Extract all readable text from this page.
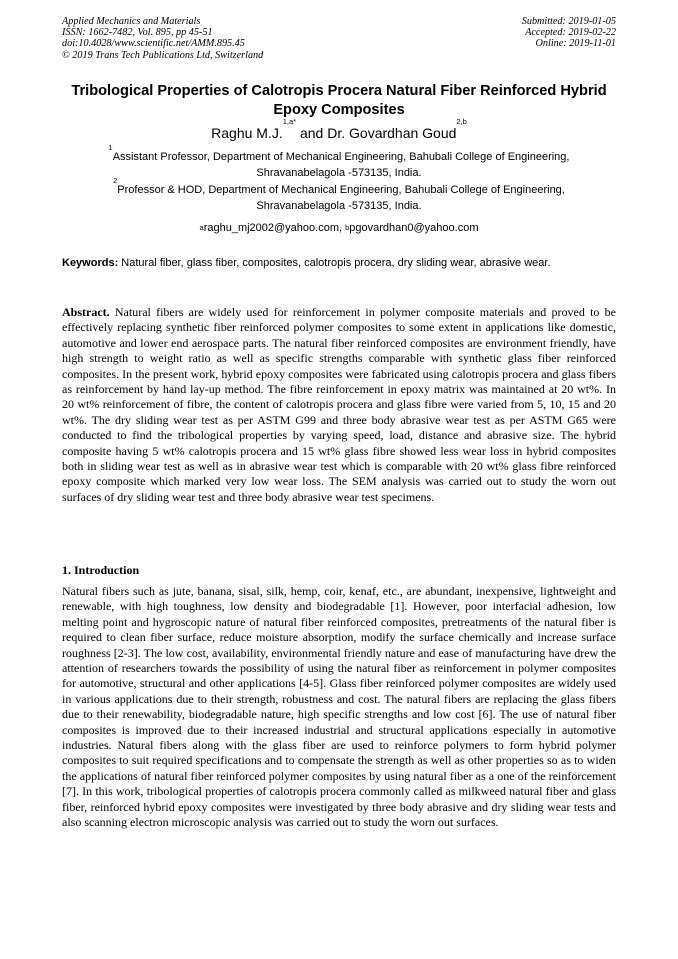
Applied Mechanics and Materials
ISSN: 1662-7482, Vol. 895, pp 45-51
doi:10.4028/www.scientific.net/AMM.895.45
© 2019 Trans Tech Publications Ltd, Switzerland
Submitted: 2019-01-05
Accepted: 2019-02-22
Online: 2019-11-01
Tribological Properties of Calotropis Procera Natural Fiber Reinforced Hybrid Epoxy Composites
Raghu M.J.$^{1,a*}$ and Dr. Govardhan Goud$^{2,b}$
$^1$Assistant Professor, Department of Mechanical Engineering, Bahubali College of Engineering,
Shravanabelagola -573135, India.
$^2$Professor & HOD, Department of Mechanical Engineering, Bahubali College of Engineering,
Shravanabelagola -573135, India.
$^a$raghu_mj2002@yahoo.com, $^b$pgovardhan0@yahoo.com
Keywords: Natural fiber, glass fiber, composites, calotropis procera, dry sliding wear, abrasive wear.
Abstract. Natural fibers are widely used for reinforcement in polymer composite materials and proved to be effectively replacing synthetic fiber reinforced polymer composites to some extent in applications like domestic, automotive and lower end aerospace parts. The natural fiber reinforced composites are environment friendly, have high strength to weight ratio as well as specific strengths comparable with synthetic glass fiber reinforced composites. In the present work, hybrid epoxy composites were fabricated using calotropis procera and glass fibers as reinforcement by hand lay-up method. The fibre reinforcement in epoxy matrix was maintained at 20 wt%. In 20 wt% reinforcement of fibre, the content of calotropis procera and glass fibre were varied from 5, 10, 15 and 20 wt%. The dry sliding wear test as per ASTM G99 and three body abrasive wear test as per ASTM G65 were conducted to find the tribological properties by varying speed, load, distance and abrasive size. The hybrid composite having 5 wt% calotropis procera and 15 wt% glass fibre showed less wear loss in hybrid composites both in sliding wear test as well as in abrasive wear test which is comparable with 20 wt% glass fibre reinforced epoxy composite which marked very low wear loss. The SEM analysis was carried out to study the worn out surfaces of dry sliding wear test and three body abrasive wear test specimens.
1. Introduction
Natural fibers such as jute, banana, sisal, silk, hemp, coir, kenaf, etc., are abundant, inexpensive, lightweight and renewable, with high toughness, low density and biodegradable [1]. However, poor interfacial adhesion, low melting point and hygroscopic nature of natural fiber reinforced composites, pretreatments of the natural fiber is required to clean fiber surface, reduce moisture absorption, modify the surface chemically and increase surface roughness [2-3]. The low cost, availability, environmental friendly nature and ease of manufacturing have drew the attention of researchers towards the possibility of using the natural fiber as reinforcement in polymer composites for automotive, structural and other applications [4-5]. Glass fiber reinforced polymer composites are widely used in various applications due to their strength, robustness and cost. The natural fibers are replacing the glass fibers due to their renewability, biodegradable nature, high specific strengths and low cost [6]. The use of natural fiber composites is improved due to their increased industrial and structural applications especially in automotive industries. Natural fibers along with the glass fiber are used to reinforce polymers to form hybrid polymer composites to suit required specifications and to compensate the strength as well as other properties so as to widen the applications of natural fiber reinforced polymer composites by using natural fiber as a one of the reinforcement [7]. In this work, tribological properties of calotropis procera commonly called as milkweed natural fiber and glass fiber, reinforced hybrid epoxy composites were investigated by three body abrasive and dry sliding wear tests and also scanning electron microscopic analysis was carried out to study the worn out surfaces.
